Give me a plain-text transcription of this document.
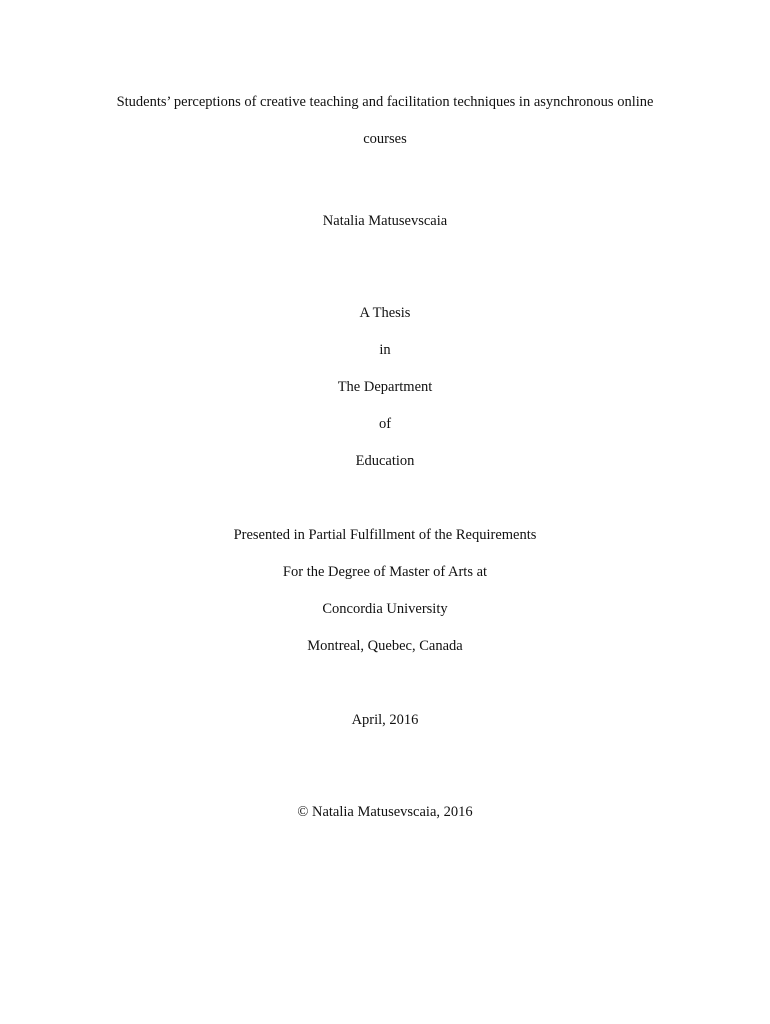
Students’ perceptions of creative teaching and facilitation techniques in asynchronous online
courses
Natalia Matusevscaia
A Thesis
in
The Department
of
Education
Presented in Partial Fulfillment of the Requirements
For the Degree of Master of Arts at
Concordia University
Montreal, Quebec, Canada
April, 2016
© Natalia Matusevscaia, 2016
